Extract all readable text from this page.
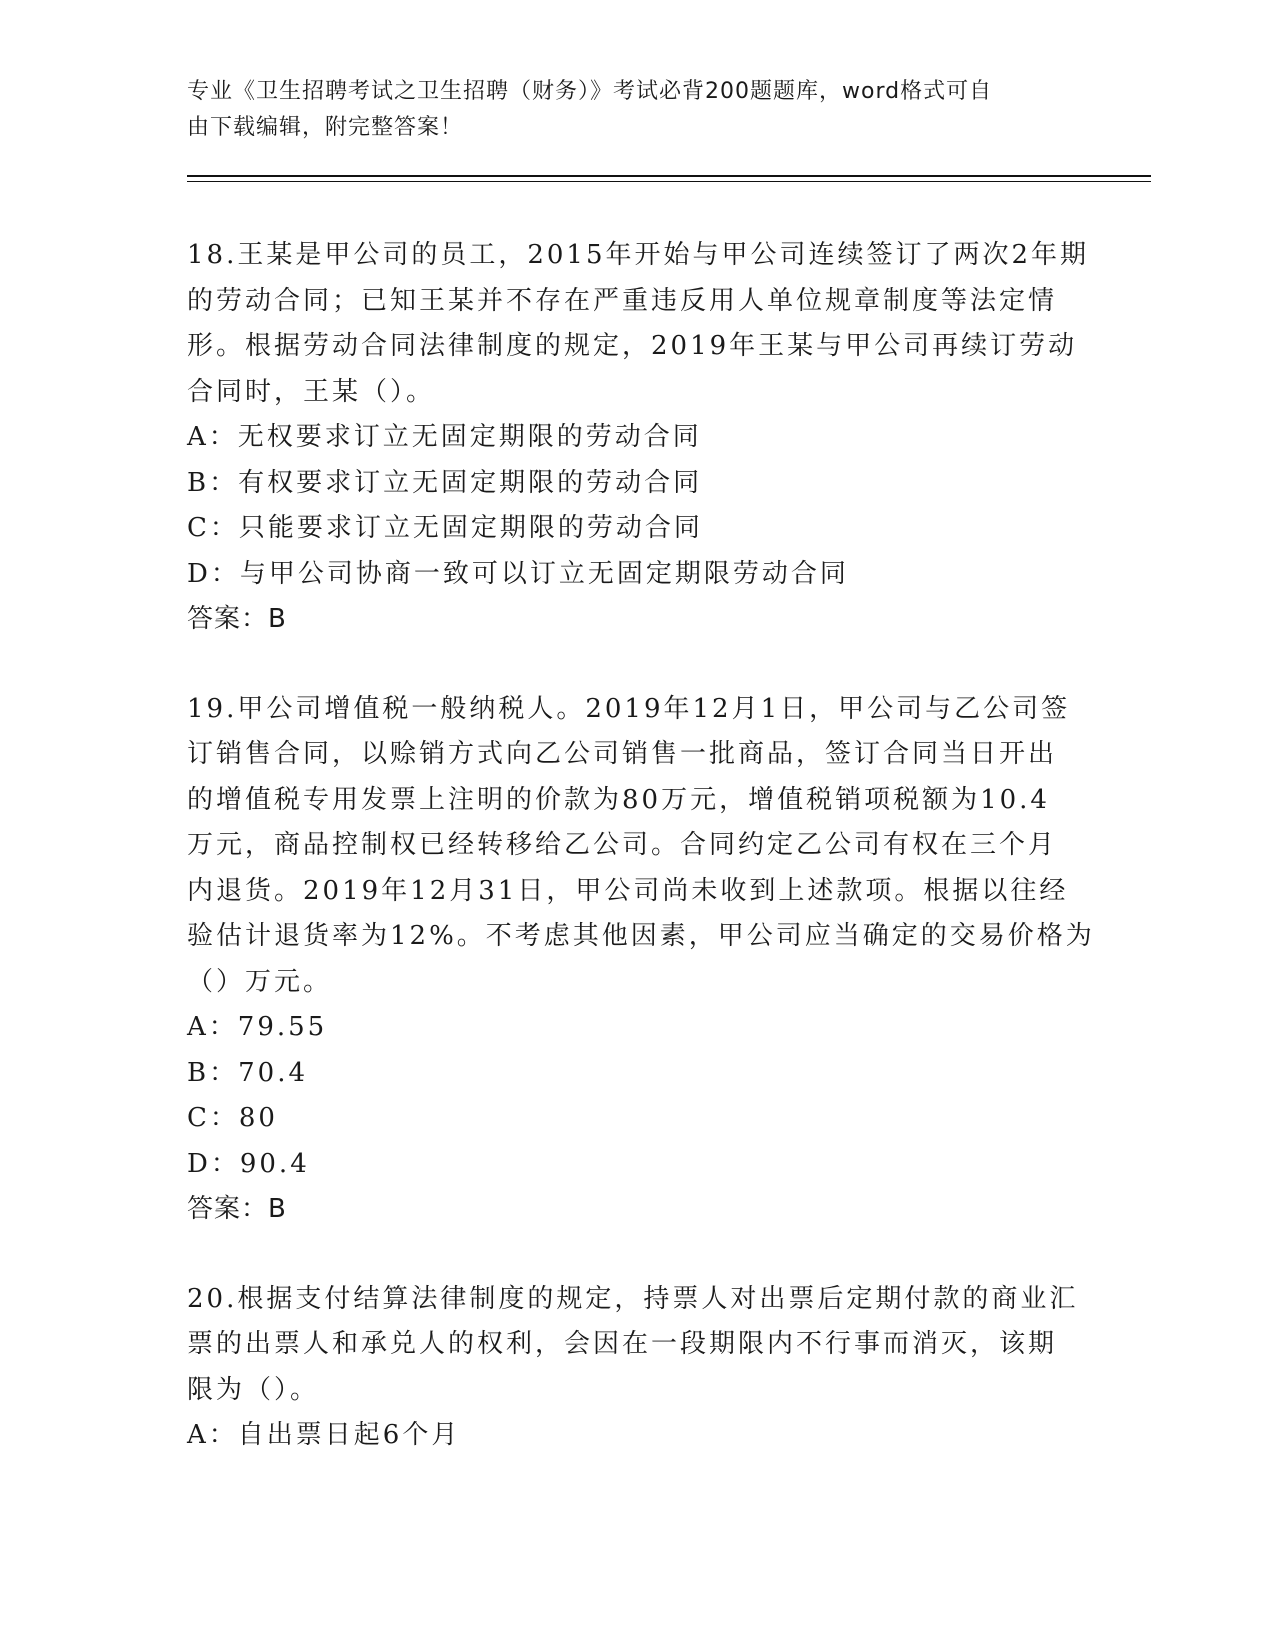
专业《卫生招聘考试之卫生招聘（财务）》考试必背200题题库，word格式可自
由下载编辑，附完整答案！

18.王某是甲公司的员工，2015年开始与甲公司连续签订了两次2年期

的劳动合同；已知王某并不存在严重违反用人单位规章制度等法定情

形。根据劳动合同法律制度的规定，2019年王某与甲公司再续订劳动

合同时，王某（）。

A：无权要求订立无固定期限的劳动合同
B：有权要求订立无固定期限的劳动合同
C：只能要求订立无固定期限的劳动合同
D：与甲公司协商一致可以订立无固定期限劳动合同
答案：B

19.甲公司增值税一般纳税人。2019年12月1日，甲公司与乙公司签

订销售合同，以赊销方式向乙公司销售一批商品，签订合同当日开出

的增值税专用发票上注明的价款为80万元，增值税销项税额为10.4

万元，商品控制权已经转移给乙公司。合同约定乙公司有权在三个月

内退货。2019年12月31日，甲公司尚未收到上述款项。根据以往经

验估计退货率为12%。不考虑其他因素，甲公司应当确定的交易价格为

（）万元。

A：79.55
B：70.4
C：80
D：90.4
答案：B

20.根据支付结算法律制度的规定，持票人对出票后定期付款的商业汇

票的出票人和承兑人的权利，会因在一段期限内不行事而消灭，该期

限为（）。

A：自出票日起6个月
